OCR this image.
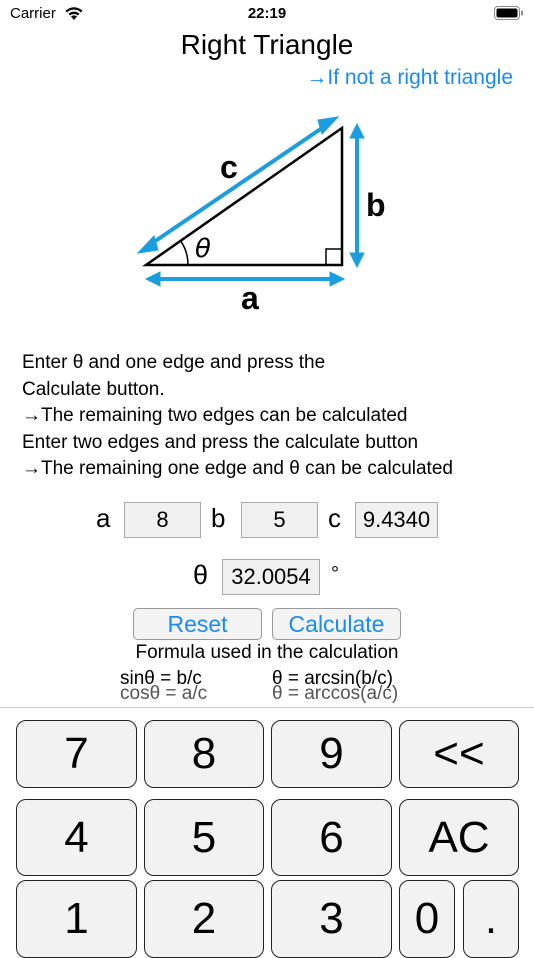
Carrier	22:19
Right Triangle
→If not a right triangle
c
b
a
θ
Enter θ and one edge and press the
Calculate button.
→The remaining two edges can be calculated
Enter two edges and press the calculate button
→The remaining one edge and θ can be calculated
a	8	b	5	c 9.4340
θ	32.0054	°
Reset	Calculate
Formula used in the calculation
sinθ = b/c	θ = arcsin(b/c)
cosθ = a/c	θ = arccos(a/c)
7	8	9	<<
4	5	6	AC
1	2	3	0	.
